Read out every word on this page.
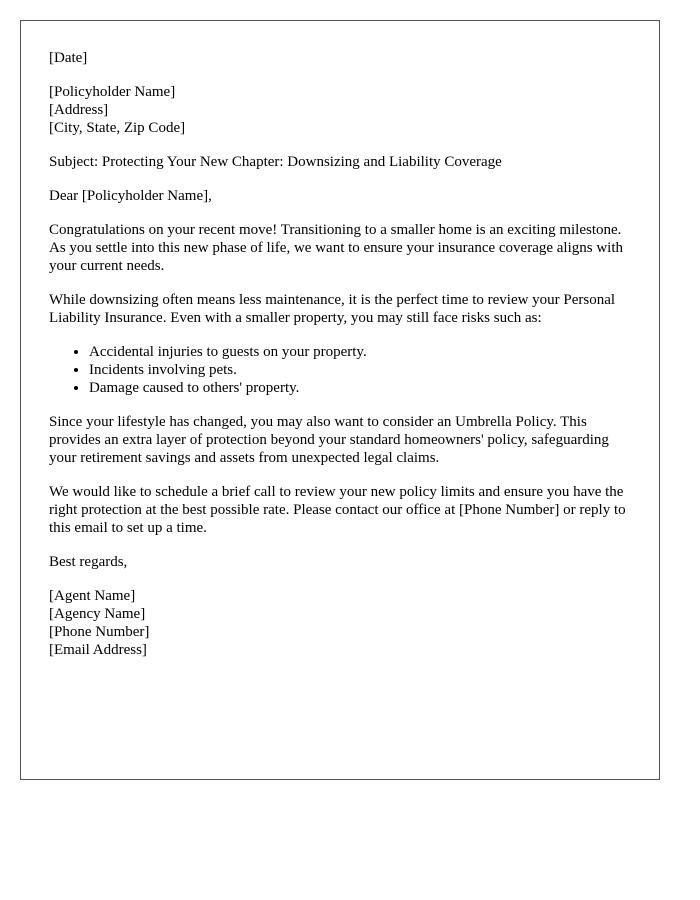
[Date]
[Policyholder Name]
[Address]
[City, State, Zip Code]

Subject: Protecting Your New Chapter: Downsizing and Liability Coverage

Dear [Policyholder Name],

Congratulations on your recent move! Transitioning to a smaller home is an exciting milestone. As you settle into this new phase of life, we want to ensure your insurance coverage aligns with your current needs.

While downsizing often means less maintenance, it is the perfect time to review your Personal Liability Insurance. Even with a smaller property, you may still face risks such as:

• Accidental injuries to guests on your property.
• Incidents involving pets.
• Damage caused to others' property.

Since your lifestyle has changed, you may also want to consider an Umbrella Policy. This provides an extra layer of protection beyond your standard homeowners' policy, safeguarding your retirement savings and assets from unexpected legal claims.

We would like to schedule a brief call to review your new policy limits and ensure you have the right protection at the best possible rate. Please contact our office at [Phone Number] or reply to this email to set up a time.

Best regards,

[Agent Name]
[Agency Name]
[Phone Number]
[Email Address]
